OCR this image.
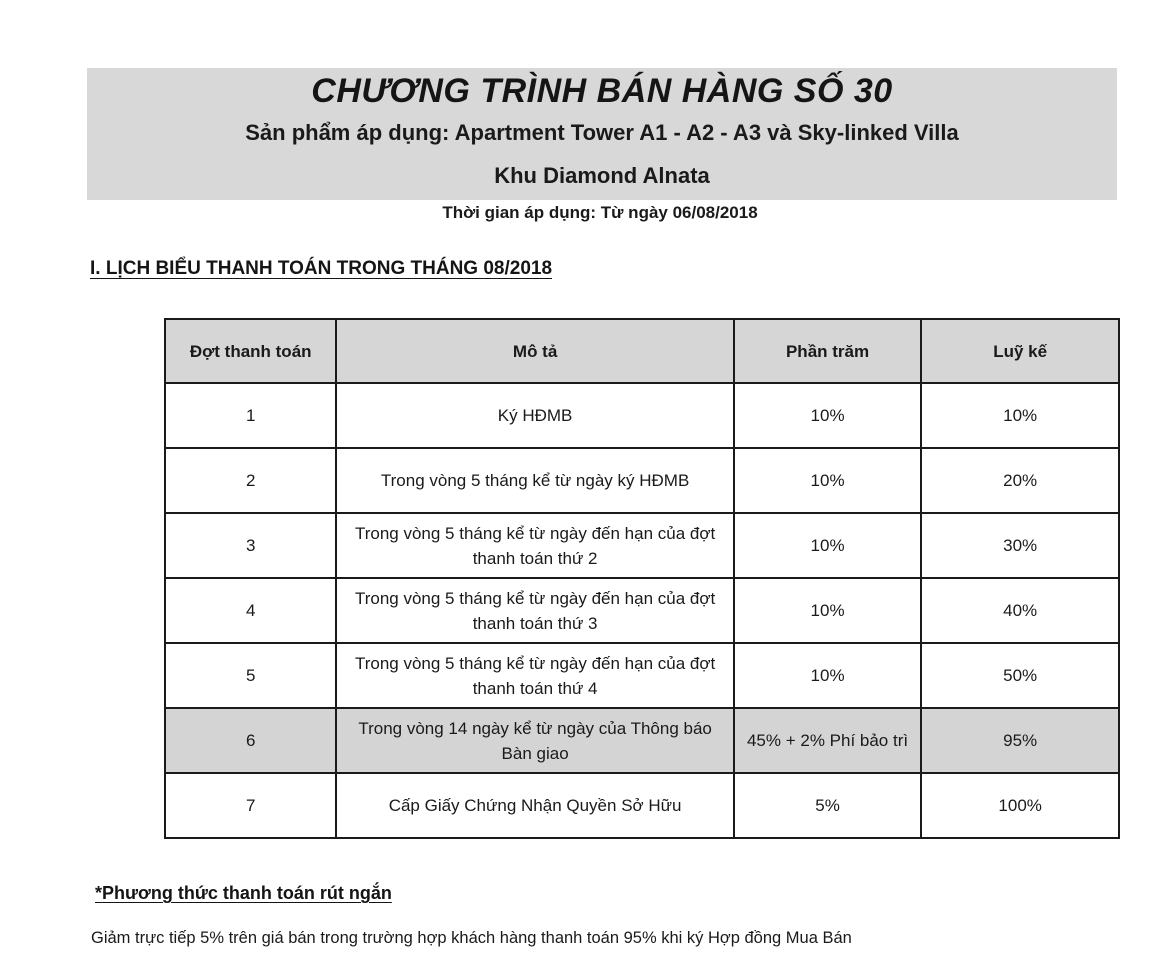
CHƯƠNG TRÌNH BÁN HÀNG SỐ 30
Sản phẩm áp dụng: Apartment Tower A1 - A2 - A3 và Sky-linked Villa
Khu Diamond Alnata
Thời gian áp dụng: Từ ngày 06/08/2018
I. LỊCH BIỂU THANH TOÁN TRONG THÁNG 08/2018
Đợt thanh toán	Mô tả	Phần trăm	Luỹ kế
1	Ký HĐMB	10%	10%
2	Trong vòng 5 tháng kể từ ngày ký HĐMB	10%	20%
3	Trong vòng 5 tháng kể từ ngày đến hạn của đợt thanh toán thứ 2	10%	30%
4	Trong vòng 5 tháng kể từ ngày đến hạn của đợt thanh toán thứ 3	10%	40%
5	Trong vòng 5 tháng kể từ ngày đến hạn của đợt thanh toán thứ 4	10%	50%
6	Trong vòng 14 ngày kể từ ngày của Thông báo Bàn giao	45% + 2% Phí bảo trì	95%
7	Cấp Giấy Chứng Nhận Quyền Sở Hữu	5%	100%
*Phương thức thanh toán rút ngắn
Giảm trực tiếp 5% trên giá bán trong trường hợp khách hàng thanh toán 95% khi ký Hợp đồng Mua Bán
